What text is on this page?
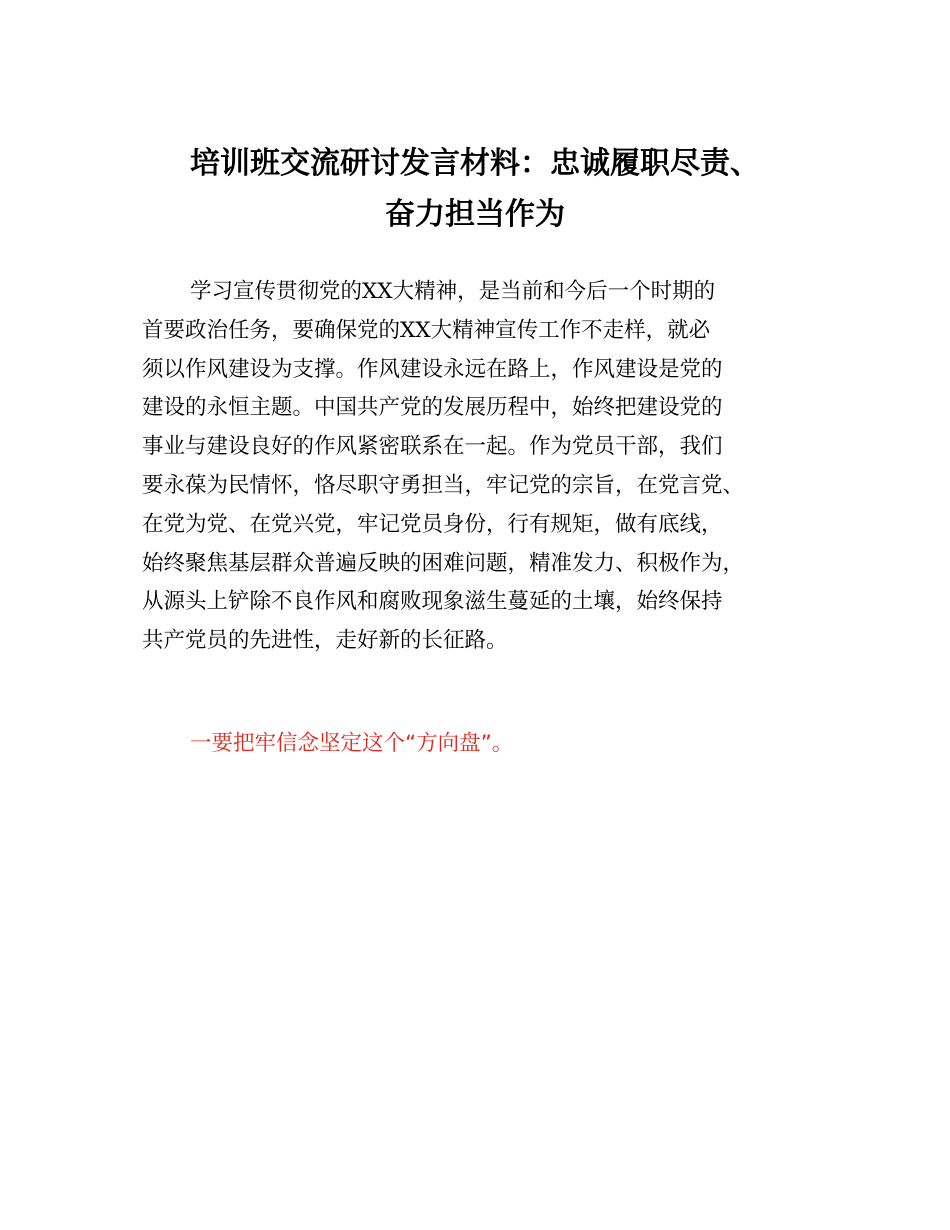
培训班交流研讨发言材料：忠诚履职尽责、
奋力担当作为
学习宣传贯彻党的XX大精神，是当前和今后一个时期的
首要政治任务，要确保党的XX大精神宣传工作不走样，就必
须以作风建设为支撑。作风建设永远在路上，作风建设是党的
建设的永恒主题。中国共产党的发展历程中，始终把建设党的
事业与建设良好的作风紧密联系在一起。作为党员干部，我们
要永葆为民情怀，恪尽职守勇担当，牢记党的宗旨，在党言党、
在党为党、在党兴党，牢记党员身份，行有规矩，做有底线，
始终聚焦基层群众普遍反映的困难问题，精准发力、积极作为，
从源头上铲除不良作风和腐败现象滋生蔓延的土壤，始终保持
共产党员的先进性，走好新的长征路。

一要把牢信念坚定这个“方向盘”。
